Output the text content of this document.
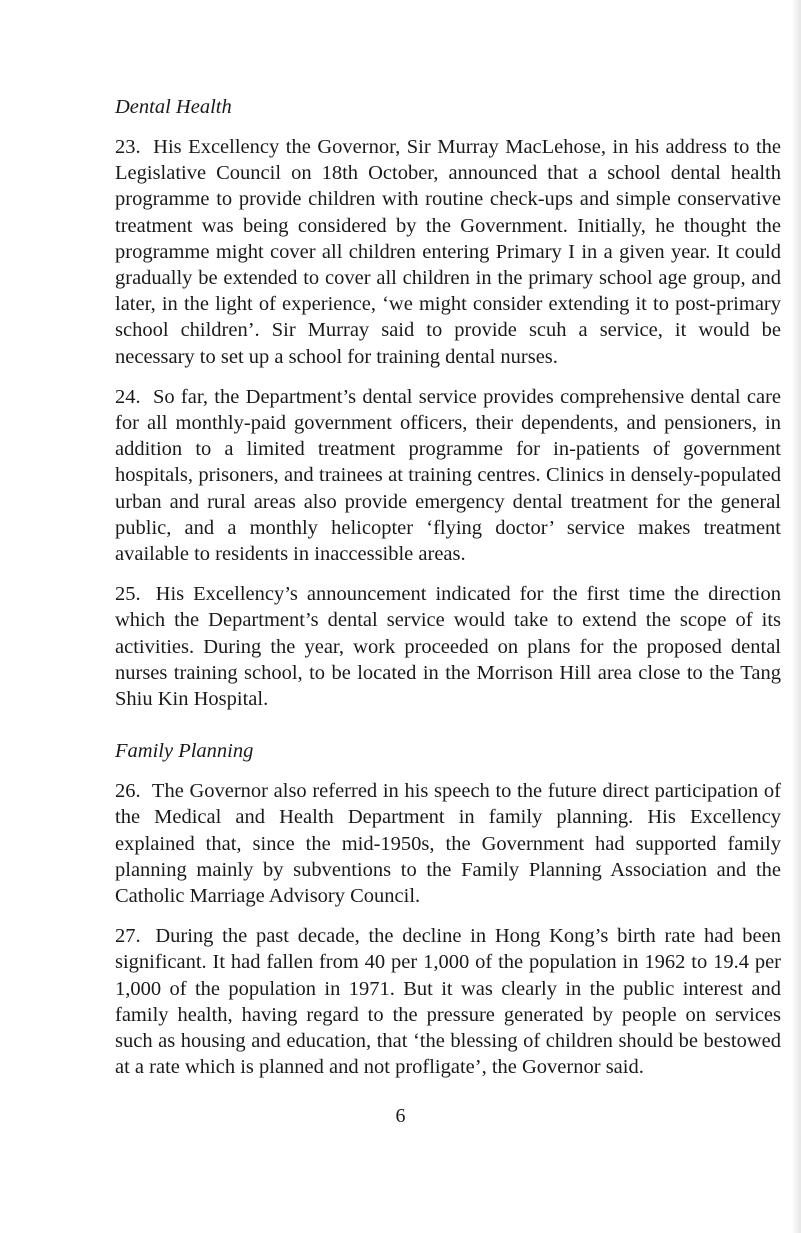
Dental Health

23. His Excellency the Governor, Sir Murray MacLehose, in his address to the Legislative Council on 18th October, announced that a school dental health programme to provide children with routine check-ups and simple conservative treatment was being considered by the Government. Initially, he thought the programme might cover all children entering Primary I in a given year. It could gradually be extended to cover all children in the primary school age group, and later, in the light of experience, ‘we might consider extending it to post-primary school children’. Sir Murray said to provide scuh a service, it would be necessary to set up a school for training dental nurses.

24. So far, the Department’s dental service provides comprehensive dental care for all monthly-paid government officers, their dependents, and pensioners, in addition to a limited treatment programme for in-patients of government hospitals, prisoners, and trainees at training centres. Clinics in densely-populated urban and rural areas also provide emergency dental treatment for the general public, and a monthly helicopter ‘flying doctor’ service makes treatment available to residents in inaccessible areas.

25. His Excellency’s announcement indicated for the first time the direction which the Department’s dental service would take to extend the scope of its activities. During the year, work proceeded on plans for the proposed dental nurses training school, to be located in the Morrison Hill area close to the Tang Shiu Kin Hospital.

Family Planning

26. The Governor also referred in his speech to the future direct participation of the Medical and Health Department in family planning. His Excellency explained that, since the mid-1950s, the Government had supported family planning mainly by subventions to the Family Planning Association and the Catholic Marriage Advisory Council.

27. During the past decade, the decline in Hong Kong’s birth rate had been significant. It had fallen from 40 per 1,000 of the population in 1962 to 19.4 per 1,000 of the population in 1971. But it was clearly in the public interest and family health, having regard to the pressure generated by people on services such as housing and education, that ‘the blessing of children should be bestowed at a rate which is planned and not profligate’, the Governor said.

6
